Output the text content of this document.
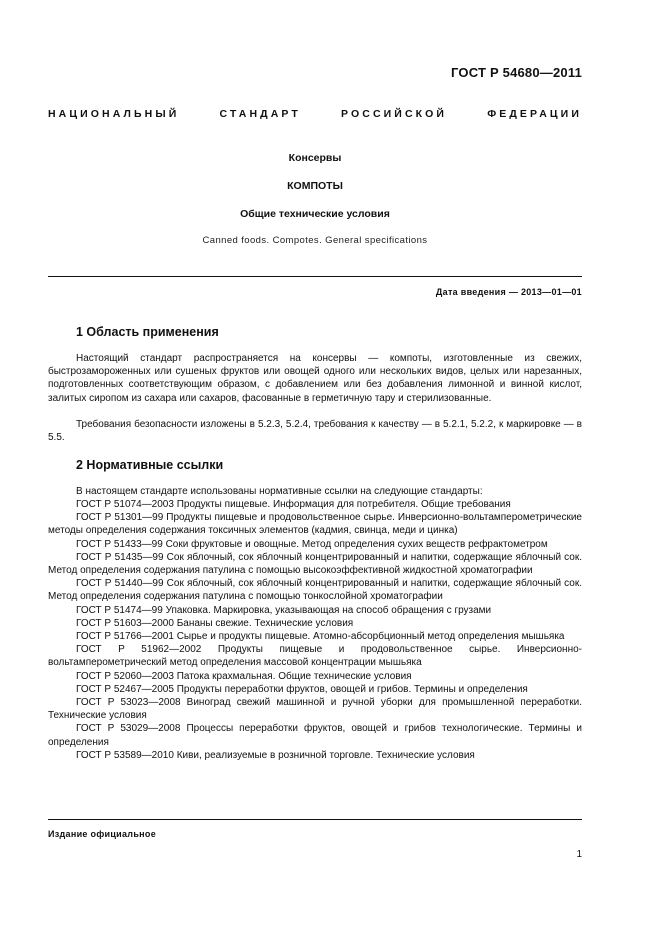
ГОСТ Р 54680—2011
НАЦИОНАЛЬНЫЙ	СТАНДАРТ	РОССИЙСКОЙ	ФЕДЕРАЦИИ
Консервы
КОМПОТЫ
Общие технические условия
Canned foods. Compotes. General specifications
Дата введения — 2013—01—01
1 Область применения
Настоящий стандарт распространяется на консервы — компоты, изготовленные из свежих, быстрозамороженных или сушеных фруктов или овощей одного или нескольких видов, целых или нарезанных, подготовленных соответствующим образом, с добавлением или без добавления лимонной и винной кислот, залитых сиропом из сахара или сахаров, фасованные в герметичную тару и стерилизованные.
Требования безопасности изложены в 5.2.3, 5.2.4, требования к качеству — в 5.2.1, 5.2.2, к маркировке — в 5.5.
2 Нормативные ссылки
В настоящем стандарте использованы нормативные ссылки на следующие стандарты:

ГОСТ Р 51074—2003 Продукты пищевые. Информация для потребителя. Общие требования

ГОСТ Р 51301—99 Продукты пищевые и продовольственное сырье. Инверсионно-вольтамперометрические методы определения содержания токсичных элементов (кадмия, свинца, меди и цинка)

ГОСТ Р 51433—99 Соки фруктовые и овощные. Метод определения сухих веществ рефрактометром

ГОСТ Р 51435—99 Сок яблочный, сок яблочный концентрированный и напитки, содержащие яблочный сок. Метод определения содержания патулина с помощью высокоэффективной жидкостной хроматографии

ГОСТ Р 51440—99 Сок яблочный, сок яблочный концентрированный и напитки, содержащие яблочный сок. Метод определения содержания патулина с помощью тонкослойной хроматографии

ГОСТ Р 51474—99 Упаковка. Маркировка, указывающая на способ обращения с грузами

ГОСТ Р 51603—2000 Бананы свежие. Технические условия

ГОСТ Р 51766—2001 Сырье и продукты пищевые. Атомно-абсорбционный метод определения мышьяка

ГОСТ Р 51962—2002 Продукты пищевые и продовольственное сырье. Инверсионно-вольтамперометрический метод определения массовой концентрации мышьяка

ГОСТ Р 52060—2003 Патока крахмальная. Общие технические условия

ГОСТ Р 52467—2005 Продукты переработки фруктов, овощей и грибов. Термины и определения

ГОСТ Р 53023—2008 Виноград свежий машинной и ручной уборки для промышленной переработки. Технические условия

ГОСТ Р 53029—2008 Процессы переработки фруктов, овощей и грибов технологические. Термины и определения

ГОСТ Р 53589—2010 Киви, реализуемые в розничной торговле. Технические условия

Издание официальное
1
